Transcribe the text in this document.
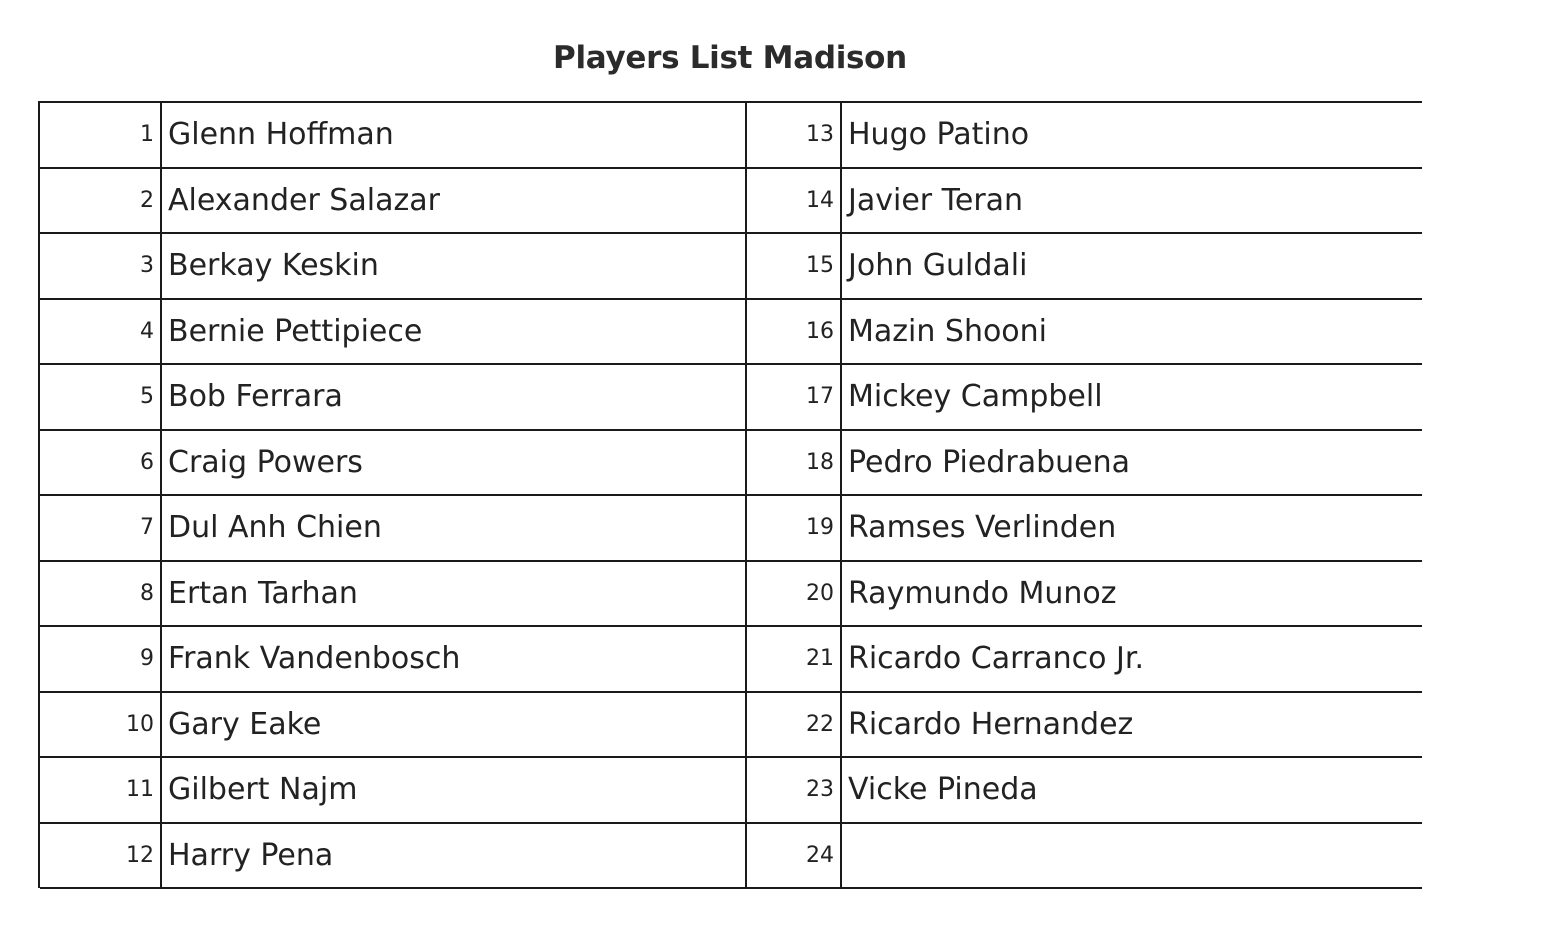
Players List Madison
1 Glenn Hoffman	13 Hugo Patino
2 Alexander Salazar	14 Javier Teran
3 Berkay Keskin	15 John Guldali
4 Bernie Pettipiece	16 Mazin Shooni
5 Bob Ferrara	17 Mickey Campbell
6 Craig Powers	18 Pedro Piedrabuena
7 Dul Anh Chien	19 Ramses Verlinden
8 Ertan Tarhan	20 Raymundo Munoz
9 Frank Vandenbosch	21 Ricardo Carranco Jr.
10 Gary Eake	22 Ricardo Hernandez
11 Gilbert Najm	23 Vicke Pineda
12 Harry Pena	24
